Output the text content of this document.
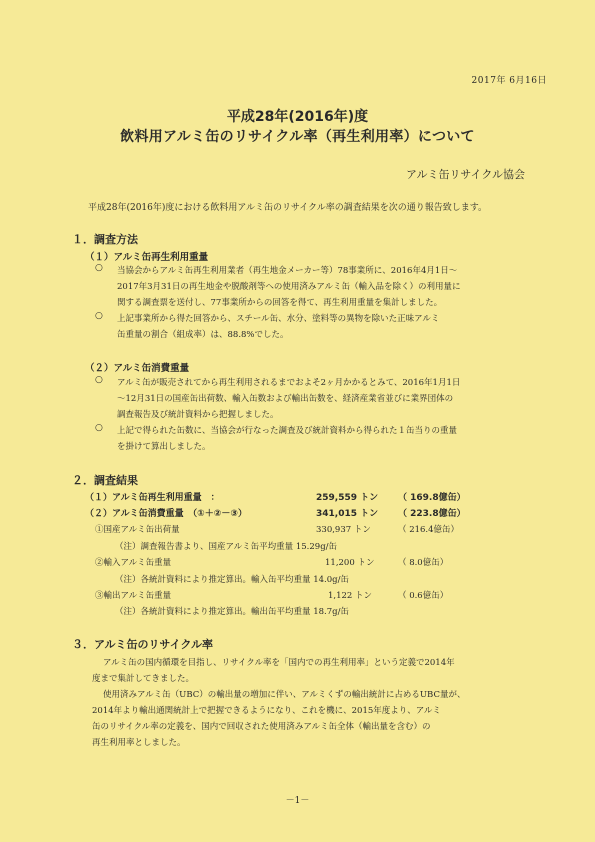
2017年 6月16日
平成28年(2016年)度
飲料用アルミ缶のリサイクル率（再生利用率）について
アルミ缶リサイクル協会
平成28年(2016年)度における飲料用アルミ缶のリサイクル率の調査結果を次の通り報告致します。
１．調査方法
（１）アルミ缶再生利用重量
○ 当協会からアルミ缶再生利用業者（再生地金メーカー等）78事業所に、2016年4月1日～
2017年3月31日の再生地金や脱酸剤等への使用済みアルミ缶（輸入品を除く）の利用量に
関する調査票を送付し、77事業所からの回答を得て、再生利用重量を集計しました。
○ 上記事業所から得た回答から、スチール缶、水分、塗料等の異物を除いた正味アルミ
缶重量の割合（組成率）は、88.8%でした。
（２）アルミ缶消費重量
○ アルミ缶が販売されてから再生利用されるまでおよそ2ヶ月かかるとみて、2016年1月1日
～12月31日の国産缶出荷数、輸入缶数および輸出缶数を、経済産業省並びに業界団体の
調査報告及び統計資料から把握しました。
○ 上記で得られた缶数に、当協会が行なった調査及び統計資料から得られた１缶当りの重量
を掛けて算出しました。
２．調査結果
（１）アルミ缶再生利用重量　：	259,559 トン （ 169.8億缶）
（２）アルミ缶消費重量　（①＋②－③）	341,015 トン （ 223.8億缶）
①国産アルミ缶出荷量	330,937 トン	（ 216.4億缶）
（注）調査報告書より、国産アルミ缶平均重量 15.29g/缶
②輸入アルミ缶重量	11,200 トン	（ 8.0億缶）
（注）各統計資料により推定算出。輸入缶平均重量 14.0g/缶
③輸出アルミ缶重量	1,122 トン	（ 0.6億缶）
（注）各統計資料により推定算出。輸出缶平均重量 18.7g/缶
３．アルミ缶のリサイクル率
アルミ缶の国内循環を目指し、リサイクル率を「国内での再生利用率」という定義で2014年
度まで集計してきました。
使用済みアルミ缶（UBC）の輸出量の増加に伴い、アルミくずの輸出統計に占めるUBC量が、
2014年より輸出通関統計上で把握できるようになり、これを機に、2015年度より、アルミ
缶のリサイクル率の定義を、国内で回収された使用済みアルミ缶全体（輸出量を含む）の
再生利用率としました。
－1－
